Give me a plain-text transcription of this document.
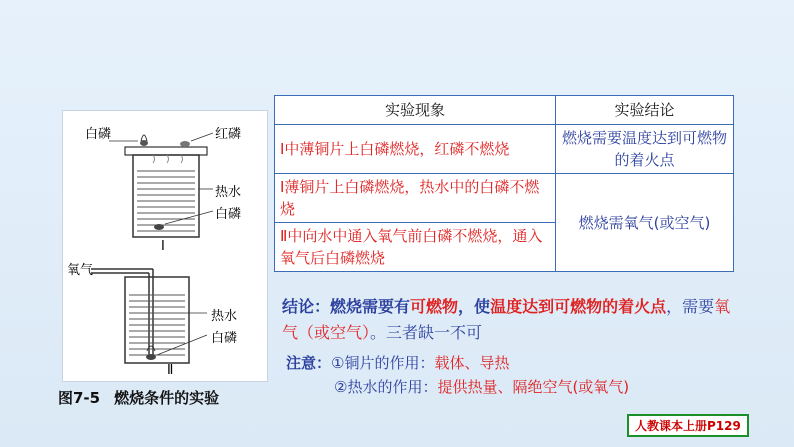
白磷	红磷
热水
白磷
Ⅰ
氧气
热水
白磷
Ⅱ
图7-5 燃烧条件的实验
实验现象	实验结论
Ⅰ中薄铜片上白磷燃烧，红磷不燃烧	燃烧需要温度达到可燃物的着火点
Ⅰ薄铜片上白磷燃烧，热水中的白磷不燃烧	燃烧需氧气(或空气)
Ⅱ中向水中通入氧气前白磷不燃烧，通入氧气后白磷燃烧	
结论：燃烧需要有可燃物，使温度达到可燃物的着火点，需要氧气（或空气）。三者缺一不可
注意：①铜片的作用：载体、导热
②热水的作用：提供热量、隔绝空气(或氧气)
人教课本上册P129
